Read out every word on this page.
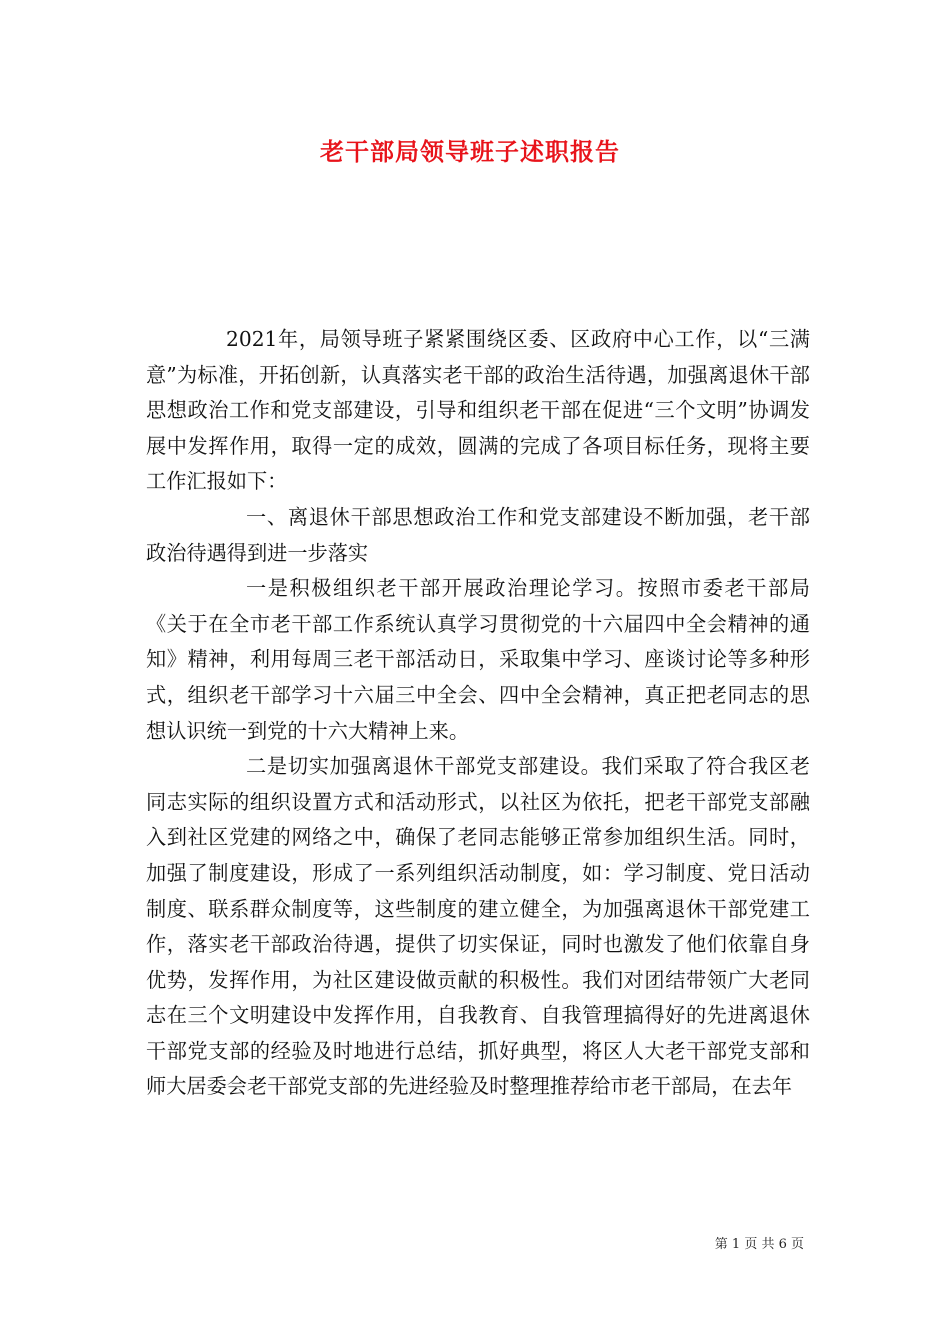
老干部局领导班子述职报告

2021年，局领导班子紧紧围绕区委、区政府中心工作，以“三满意”为标准，开拓创新，认真落实老干部的政治生活待遇，加强离退休干部思想政治工作和党支部建设，引导和组织老干部在促进“三个文明”协调发展中发挥作用，取得一定的成效，圆满的完成了各项目标任务，现将主要工作汇报如下：

一、离退休干部思想政治工作和党支部建设不断加强，老干部政治待遇得到进一步落实

一是积极组织老干部开展政治理论学习。按照市委老干部局《关于在全市老干部工作系统认真学习贯彻党的十六届四中全会精神的通知》精神，利用每周三老干部活动日，采取集中学习、座谈讨论等多种形式，组织老干部学习十六届三中全会、四中全会精神，真正把老同志的思想认识统一到党的十六大精神上来。

二是切实加强离退休干部党支部建设。我们采取了符合我区老同志实际的组织设置方式和活动形式，以社区为依托，把老干部党支部融入到社区党建的网络之中，确保了老同志能够正常参加组织生活。同时，加强了制度建设，形成了一系列组织活动制度，如：学习制度、党日活动制度、联系群众制度等，这些制度的建立健全，为加强离退休干部党建工作，落实老干部政治待遇，提供了切实保证，同时也激发了他们依靠自身优势，发挥作用，为社区建设做贡献的积极性。我们对团结带领广大老同志在三个文明建设中发挥作用，自我教育、自我管理搞得好的先进离退休干部党支部的经验及时地进行总结，抓好典型，将区人大老干部党支部和师大居委会老干部党支部的先进经验及时整理推荐给市老干部局，在去年

第 1 页 共 6 页
